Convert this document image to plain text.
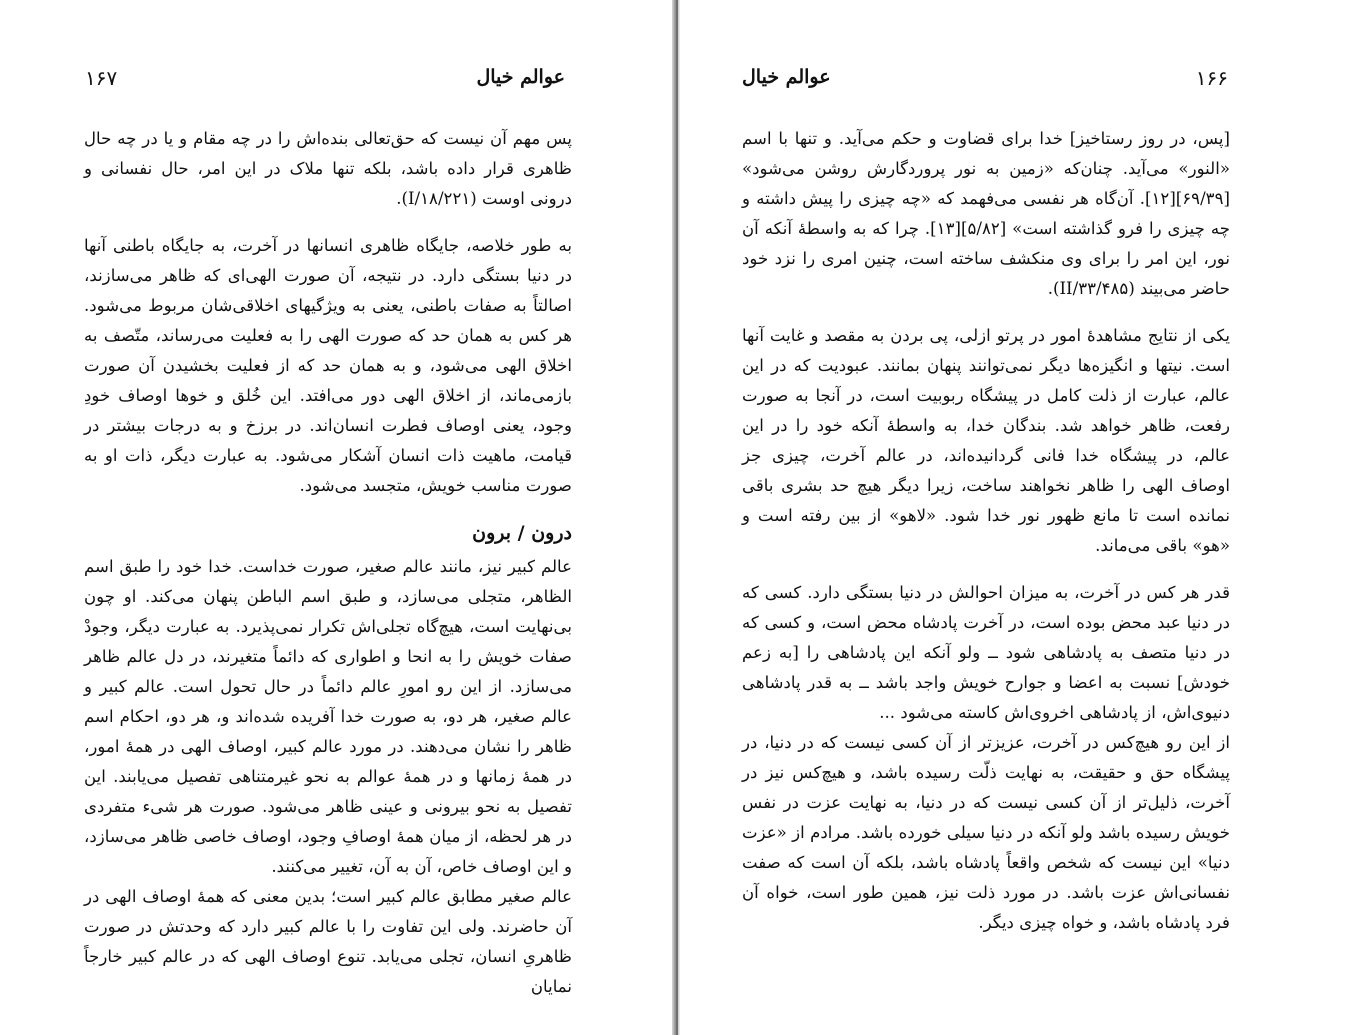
۱۶۷	عوالم خیال

پس مهم آن نیست که حق‌تعالی بنده‌اش را در چه مقام و یا در چه حال ظاهری قرار داده باشد، بلکه تنها ملاک در این امر، حال نفسانی و درونی اوست (۱۸/۲۲۱/I).

به طور خلاصه، جایگاه ظاهری انسانها در آخرت، به جایگاه باطنی آنها در دنیا بستگی دارد. در نتیجه، آن صورت الهی‌ای که ظاهر می‌سازند، اصالتاً به صفات باطنی، یعنی به ویژگیهای اخلاقی‌شان مربوط می‌شود. هر کس به همان حد که صورت الهی را به فعلیت می‌رساند، متّصف به اخلاق الهی می‌شود، و به همان حد که از فعلیت بخشیدن آن صورت بازمی‌ماند، از اخلاق الهی دور می‌افتد. این خُلق و خوها اوصاف خودِ وجود، یعنی اوصاف فطرت انسان‌اند. در برزخ و به درجات بیشتر در قیامت، ماهیت ذات انسان آشکار می‌شود. به عبارت دیگر، ذات او به صورت مناسب خویش، متجسد می‌شود.

درون / برون

عالم کبیر نیز، مانند عالم صغیر، صورت خداست. خدا خود را طبق اسم الظاهر، متجلی می‌سازد، و طبق اسم الباطن پنهان می‌کند. او چون بی‌نهایت است، هیچ‌گاه تجلی‌اش تکرار نمی‌پذیرد. به عبارت دیگر، وجودْ صفات خویش را به انحا و اطواری که دائماً متغیرند، در دل عالم ظاهر می‌سازد. از این رو امورِ عالم دائماً در حال تحول است. عالم کبیر و عالم صغیر، هر دو، به صورت خدا آفریده شده‌اند و، هر دو، احکام اسم ظاهر را نشان می‌دهند. در مورد عالم کبیر، اوصاف الهی در همهٔ امور، در همهٔ زمانها و در همهٔ عوالم به نحو غیرمتناهی تفصیل می‌یابند. این تفصیل به نحو بیرونی و عینی ظاهر می‌شود. صورت هر شیء متفردی در هر لحظه، از میان همهٔ اوصافِ وجود، اوصاف خاصی ظاهر می‌سازد، و این اوصاف خاص، آن به آن، تغییر می‌کنند.

عالم صغیر مطابق عالم کبیر است؛ بدین معنی که همهٔ اوصاف الهی در آن حاضرند. ولی این تفاوت را با عالم کبیر دارد که وحدتش در صورت ظاهریِ انسان، تجلی می‌یابد. تنوع اوصاف الهی که در عالم کبیر خارجاً نمایان

۱۶۶
عوالم خیال

[پس، در روز رستاخیز] خدا برای قضاوت و حکم می‌آید. و تنها با اسم «النور» می‌آید. چنان‌که «زمین به نور پروردگارش روشن می‌شود» [۶۹/۳۹][۱۲]. آن‌گاه هر نفسی می‌فهمد که «چه چیزی را پیش داشته و چه چیزی را فرو گذاشته است» [۵/۸۲][۱۳]. چرا که به واسطهٔ آنکه آن نور، این امر را برای وی منکشف ساخته است، چنین امری را نزد خود حاضر می‌بیند (۳۳/۴۸۵/II).

یکی از نتایج مشاهدهٔ امور در پرتو ازلی، پی بردن به مقصد و غایت آنها است. نیتها و انگیزه‌ها دیگر نمی‌توانند پنهان بمانند. عبودیت که در این عالم، عبارت از ذلت کامل در پیشگاه ربوبیت است، در آنجا به صورت رفعت، ظاهر خواهد شد. بندگان خدا، به واسطهٔ آنکه خود را در این عالم، در پیشگاه خدا فانی گردانیده‌اند، در عالم آخرت، چیزی جز اوصاف الهی را ظاهر نخواهند ساخت، زیرا دیگر هیچ حد بشری باقی نمانده است تا مانع ظهور نور خدا شود. «لاهو» از بین رفته است و «هو» باقی می‌ماند.

قدر هر کس در آخرت، به میزان احوالش در دنیا بستگی دارد. کسی که در دنیا عبد محض بوده است، در آخرت پادشاه محض است، و کسی که در دنیا متصف به پادشاهی شود ــ ولو آنکه این پادشاهی را [به زعم خودش] نسبت به اعضا و جوارح خویش واجد باشد ــ به قدر پادشاهی دنیوی‌اش، از پادشاهی اخروی‌اش کاسته می‌شود ...

از این رو هیچ‌کس در آخرت، عزیزتر از آن کسی نیست که در دنیا، در پیشگاه حق و حقیقت، به نهایت ذلّت رسیده باشد، و هیچ‌کس نیز در آخرت، ذلیل‌تر از آن کسی نیست که در دنیا، به نهایت عزت در نفس خویش رسیده باشد ولو آنکه در دنیا سیلی خورده باشد. مرادم از «عزت دنیا» این نیست که شخص واقعاً پادشاه باشد، بلکه آن است که صفت نفسانی‌اش عزت باشد. در مورد ذلت نیز، همین طور است، خواه آن فرد پادشاه باشد، و خواه چیزی دیگر.
